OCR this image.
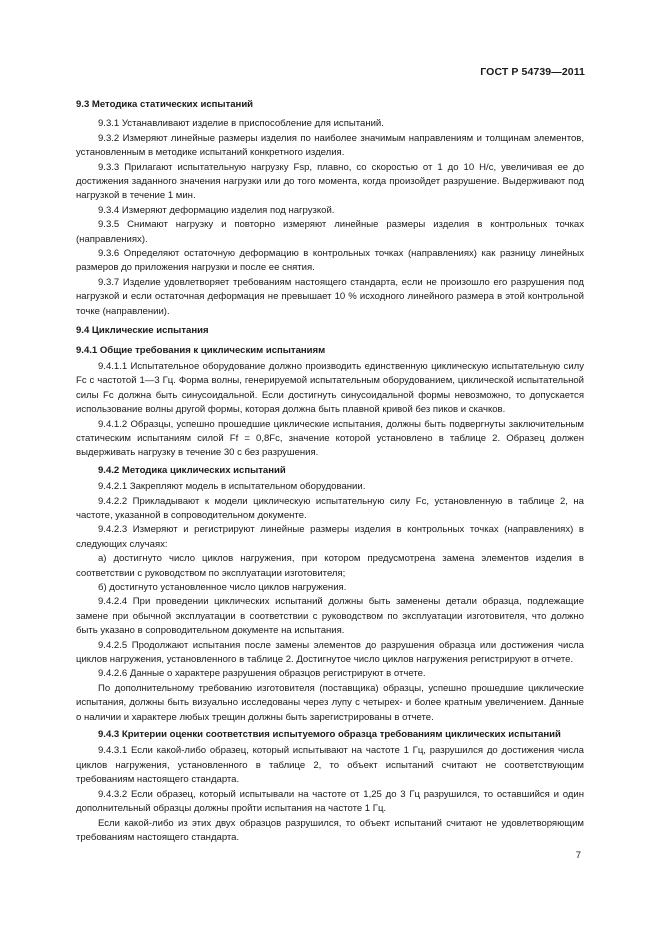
ГОСТ Р 54739—2011
9.3 Методика статических испытаний

9.3.1 Устанавливают изделие в приспособление для испытаний.

9.3.2 Измеряют линейные размеры изделия по наиболее значимым направлениям и толщинам элементов, установленным в методике испытаний конкретного изделия.

9.3.3 Прилагают испытательную нагрузку Fsp, плавно, со скоростью от 1 до 10 Н/с, увеличивая ее до достижения заданного значения нагрузки или до того момента, когда произойдет разрушение. Выдерживают под нагрузкой в течение 1 мин.

9.3.4 Измеряют деформацию изделия под нагрузкой.

9.3.5 Снимают нагрузку и повторно измеряют линейные размеры изделия в контрольных точках (направлениях).

9.3.6 Определяют остаточную деформацию в контрольных точках (направлениях) как разницу линейных размеров до приложения нагрузки и после ее снятия.

9.3.7 Изделие удовлетворяет требованиям настоящего стандарта, если не произошло его разрушения под нагрузкой и если остаточная деформация не превышает 10 % исходного линейного размера в этой контрольной точке (направлении).

9.4 Циклические испытания
9.4.1 Общие требования к циклическим испытаниям

9.4.1.1 Испытательное оборудование должно производить единственную циклическую испытательную силу Fc с частотой 1—3 Гц. Форма волны, генерируемой испытательным оборудованием, циклической испытательной силы Fc должна быть синусоидальной. Если достигнуть синусоидальной формы невозможно, то допускается использование волны другой формы, которая должна быть плавной кривой без пиков и скачков.

9.4.1.2 Образцы, успешно прошедшие циклические испытания, должны быть подвергнуты заключительным статическим испытаниям силой Ff = 0,8Fc, значение которой установлено в таблице 2. Образец должен выдерживать нагрузку в течение 30 с без разрушения.

9.4.2 Методика циклических испытаний

9.4.2.1 Закрепляют модель в испытательном оборудовании.

9.4.2.2 Прикладывают к модели циклическую испытательную силу Fc, установленную в таблице 2, на частоте, указанной в сопроводительном документе.

9.4.2.3 Измеряют и регистрируют линейные размеры изделия в контрольных точках (направлениях) в следующих случаях:

а) достигнуто число циклов нагружения, при котором предусмотрена замена элементов изделия в соответствии с руководством по эксплуатации изготовителя;

б) достигнуто установленное число циклов нагружения.

9.4.2.4 При проведении циклических испытаний должны быть заменены детали образца, подлежащие замене при обычной эксплуатации в соответствии с руководством по эксплуатации изготовителя, что должно быть указано в сопроводительном документе на испытания.

9.4.2.5 Продолжают испытания после замены элементов до разрушения образца или достижения числа циклов нагружения, установленного в таблице 2. Достигнутое число циклов нагружения регистрируют в отчете.

9.4.2.6 Данные о характере разрушения образцов регистрируют в отчете.

По дополнительному требованию изготовителя (поставщика) образцы, успешно прошедшие циклические испытания, должны быть визуально исследованы через лупу с четырех- и более кратным увеличением. Данные о наличии и характере любых трещин должны быть зарегистрированы в отчете.

9.4.3 Критерии оценки соответствия испытуемого образца требованиям циклических испытаний

9.4.3.1 Если какой-либо образец, который испытывают на частоте 1 Гц, разрушился до достижения числа циклов нагружения, установленного в таблице 2, то объект испытаний считают не соответствующим требованиям настоящего стандарта.

9.4.3.2 Если образец, который испытывали на частоте от 1,25 до 3 Гц разрушился, то оставшийся и один дополнительный образцы должны пройти испытания на частоте 1 Гц.

Если какой-либо из этих двух образцов разрушился, то объект испытаний считают не удовлетворяющим требованиям настоящего стандарта.

7
